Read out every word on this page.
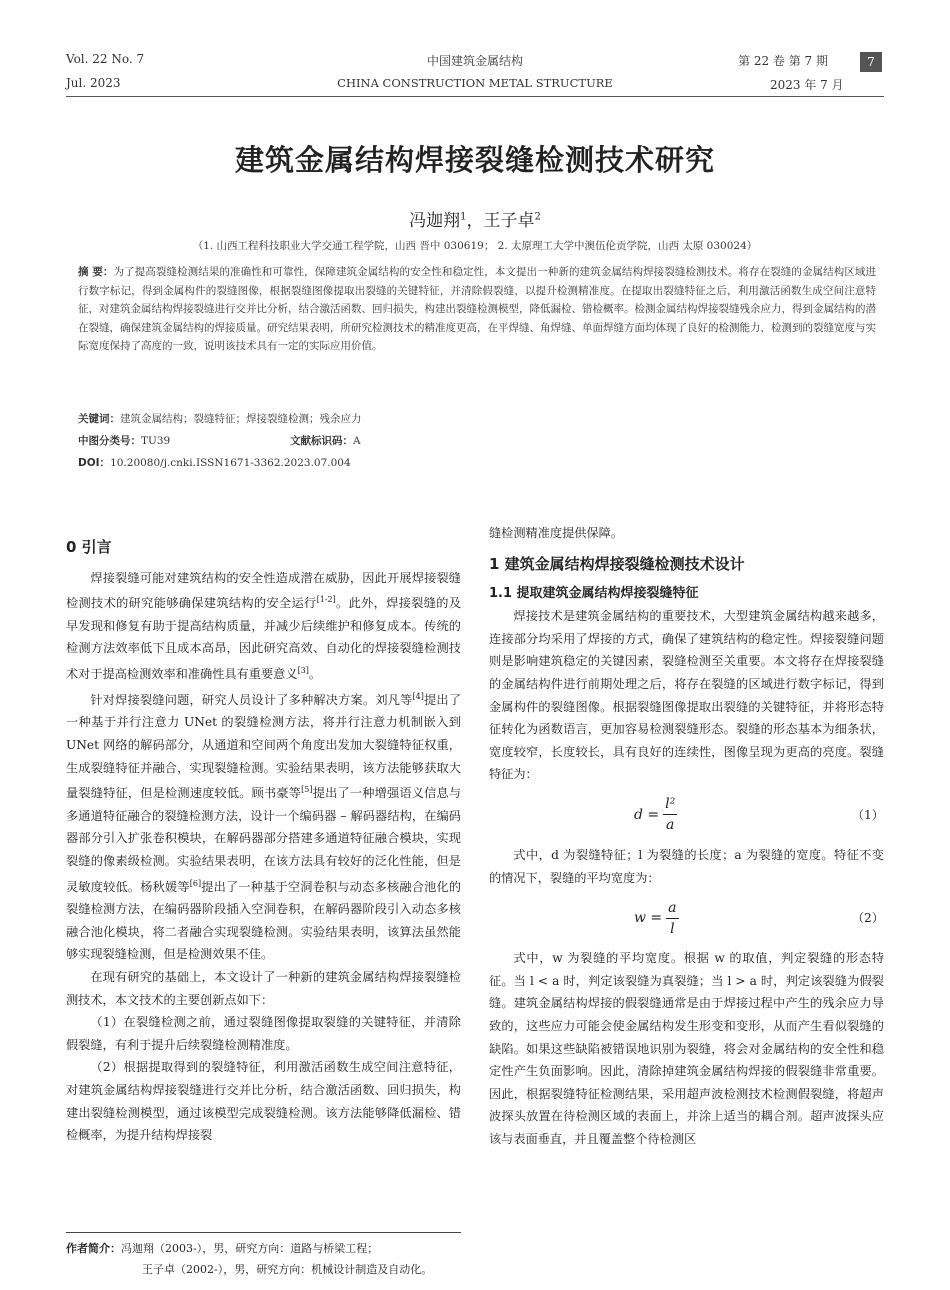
Vol. 22 No. 7
Jul. 2023
中国建筑金属结构
CHINA CONSTRUCTION METAL STRUCTURE
第 22 卷 第 7 期
2023 年 7 月
7
建筑金属结构焊接裂缝检测技术研究
冯迦翔$^1$，王子卓$^2$
（1. 山西工程科技职业大学交通工程学院，山西 晋中 030619； 2. 太原理工大学中澳伍伦贡学院，山西 太原 030024）
摘 要：为了提高裂缝检测结果的准确性和可靠性，保障建筑金属结构的安全性和稳定性，本文提出一种新的建筑金属结构焊接裂缝检测技术。将存在裂缝的金属结构区域进行数字标记，得到金属构件的裂缝图像，根据裂缝图像提取出裂缝的关键特征，并清除假裂缝，以提升检测精准度。在提取出裂缝特征之后，利用激活函数生成空间注意特征，对建筑金属结构焊接裂缝进行交并比分析，结合激活函数、回归损失，构建出裂缝检测模型，降低漏检、错检概率。检测金属结构焊接裂缝残余应力，得到金属结构的潜在裂缝，确保建筑金属结构的焊接质量。研究结果表明，所研究检测技术的精准度更高，在平焊缝、角焊缝、单面焊缝方面均体现了良好的检测能力，检测到的裂缝宽度与实际宽度保持了高度的一致，说明该技术具有一定的实际应用价值。
关键词：建筑金属结构；裂缝特征；焊接裂缝检测；残余应力
中图分类号：TU39	文献标识码：A
DOI：10.20080/j.cnki.ISSN1671-3362.2023.07.004

0 引言

焊接裂缝可能对建筑结构的安全性造成潜在威胁，因此开展焊接裂缝检测技术的研究能够确保建筑结构的安全运行[1-2]。此外，焊接裂缝的及早发现和修复有助于提高结构质量，并减少后续维护和修复成本。传统的检测方法效率低下且成本高昂，因此研究高效、自动化的焊接裂缝检测技术对于提高检测效率和准确性具有重要意义[3]。

针对焊接裂缝问题，研究人员设计了多种解决方案。刘凡等[4]提出了一种基于并行注意力 UNet 的裂缝检测方法，将并行注意力机制嵌入到 UNet 网络的解码部分，从通道和空间两个角度出发加大裂缝特征权重，生成裂缝特征并融合，实现裂缝检测。实验结果表明，该方法能够获取大量裂缝特征，但是检测速度较低。顾书豪等[5]提出了一种增强语义信息与多通道特征融合的裂缝检测方法，设计一个编码器 – 解码器结构，在编码器部分引入扩张卷积模块，在解码器部分搭建多通道特征融合模块，实现裂缝的像素级检测。实验结果表明，在该方法具有较好的泛化性能，但是灵敏度较低。杨秋媛等[6]提出了一种基于空洞卷积与动态多核融合池化的裂缝检测方法，在编码器阶段插入空洞卷积，在解码器阶段引入动态多核融合池化模块，将二者融合实现裂缝检测。实验结果表明，该算法虽然能够实现裂缝检测，但是检测效果不佳。

在现有研究的基础上，本文设计了一种新的建筑金属结构焊接裂缝检测技术，本文技术的主要创新点如下：

（1）在裂缝检测之前，通过裂缝图像提取裂缝的关键特征，并清除假裂缝，有利于提升后续裂缝检测精准度。

（2）根据提取得到的裂缝特征，利用激活函数生成空间注意特征，对建筑金属结构焊接裂缝进行交并比分析，结合激活函数、回归损失，构建出裂缝检测模型，通过该模型完成裂缝检测。该方法能够降低漏检、错检概率，为提升结构焊接裂

缝检测精准度提供保障。

1 建筑金属结构焊接裂缝检测技术设计

1.1 提取建筑金属结构焊接裂缝特征

焊接技术是建筑金属结构的重要技术，大型建筑金属结构越来越多，连接部分均采用了焊接的方式，确保了建筑结构的稳定性。焊接裂缝问题则是影响建筑稳定的关键因素，裂缝检测至关重要。本文将存在焊接裂缝的金属结构件进行前期处理之后，将存在裂缝的区域进行数字标记，得到金属构件的裂缝图像。根据裂缝图像提取出裂缝的关键特征，并将形态特征转化为函数语言，更加容易检测裂缝形态。裂缝的形态基本为细条状，宽度较窄，长度较长，具有良好的连续性，图像呈现为更高的亮度。裂缝特征为：

$d = \frac{\text{l²}}{a}$	（1）

式中，d 为裂缝特征；l 为裂缝的长度；a 为裂缝的宽度。特征不变的情况下，裂缝的平均宽度为：

$w = \frac{a}{l}$	（2）

式中，w 为裂缝的平均宽度。根据 w 的取值，判定裂缝的形态特征。当 l < a 时，判定该裂缝为真裂缝；当 l > a 时，判定该裂缝为假裂缝。建筑金属结构焊接的假裂缝通常是由于焊接过程中产生的残余应力导致的，这些应力可能会使金属结构发生形变和变形，从而产生看似裂缝的缺陷。如果这些缺陷被错误地识别为裂缝，将会对金属结构的安全性和稳定性产生负面影响。因此，清除掉建筑金属结构焊接的假裂缝非常重要。因此，根据裂缝特征检测结果，采用超声波检测技术检测假裂缝，将超声波探头放置在待检测区域的表面上，并涂上适当的耦合剂。超声波探头应该与表面垂直，并且覆盖整个待检测区

作者简介：冯迦翔（2003-），男，研究方向：道路与桥梁工程；
王子卓（2002-），男，研究方向：机械设计制造及自动化。
